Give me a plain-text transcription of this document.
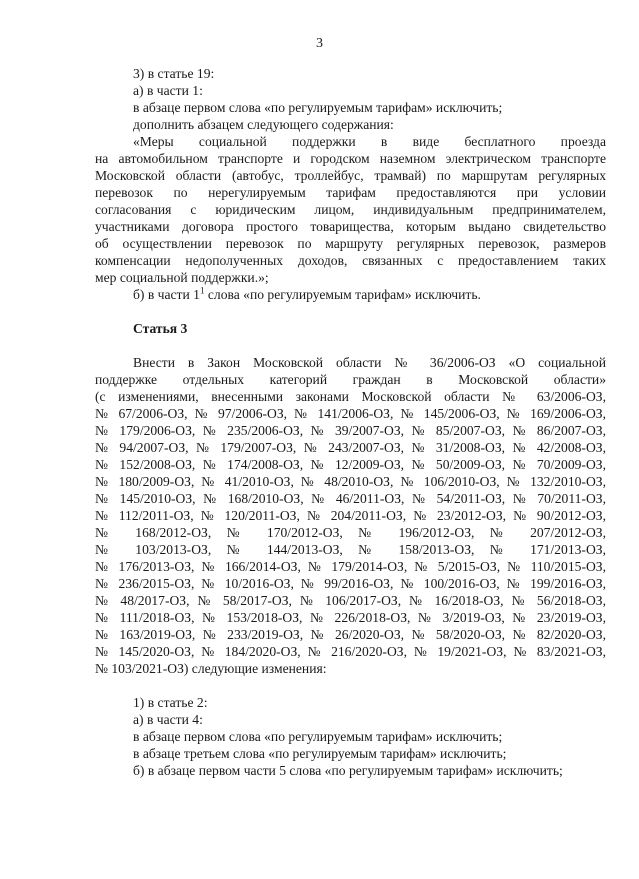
3

3) в статье 19:

а) в части 1:

в абзаце первом слова «по регулируемым тарифам» исключить;

дополнить абзацем следующего содержания:

«Меры социальной поддержки в виде бесплатного проезда

на автомобильном транспорте и городском наземном электрическом транспорте

Московской области (автобус, троллейбус, трамвай) по маршрутам регулярных

перевозок по нерегулируемым тарифам предоставляются при условии

согласования с юридическим лицом, индивидуальным предпринимателем,

участниками договора простого товарищества, которым выдано свидетельство

об осуществлении перевозок по маршруту регулярных перевозок, размеров

компенсации недополученных доходов, связанных с предоставлением таких

мер социальной поддержки.»;

б) в части $1^1$ слова «по регулируемым тарифам» исключить.

Статья 3

Внести в Закон Московской области № 36/2006-ОЗ «О социальной

поддержке отдельных категорий граждан в Московской области»

(с изменениями, внесенными законами Московской области № 63/2006-ОЗ,

№ 67/2006-ОЗ, № 97/2006-ОЗ, № 141/2006-ОЗ, № 145/2006-ОЗ, № 169/2006-ОЗ,

№ 179/2006-ОЗ, № 235/2006-ОЗ, № 39/2007-ОЗ, № 85/2007-ОЗ, № 86/2007-ОЗ,

№ 94/2007-ОЗ, № 179/2007-ОЗ, № 243/2007-ОЗ, № 31/2008-ОЗ, № 42/2008-ОЗ,

№ 152/2008-ОЗ, № 174/2008-ОЗ, № 12/2009-ОЗ, № 50/2009-ОЗ, № 70/2009-ОЗ,

№ 180/2009-ОЗ, № 41/2010-ОЗ, № 48/2010-ОЗ, № 106/2010-ОЗ, № 132/2010-ОЗ,

№ 145/2010-ОЗ, № 168/2010-ОЗ, № 46/2011-ОЗ, № 54/2011-ОЗ, № 70/2011-ОЗ,

№ 112/2011-ОЗ, № 120/2011-ОЗ, № 204/2011-ОЗ, № 23/2012-ОЗ, № 90/2012-ОЗ,

№ 168/2012-ОЗ, № 170/2012-ОЗ, № 196/2012-ОЗ, № 207/2012-ОЗ,

№ 103/2013-ОЗ, № 144/2013-ОЗ, № 158/2013-ОЗ, № 171/2013-ОЗ,

№ 176/2013-ОЗ, № 166/2014-ОЗ, № 179/2014-ОЗ, № 5/2015-ОЗ, № 110/2015-ОЗ,

№ 236/2015-ОЗ, № 10/2016-ОЗ, № 99/2016-ОЗ, № 100/2016-ОЗ, № 199/2016-ОЗ,

№ 48/2017-ОЗ, № 58/2017-ОЗ, № 106/2017-ОЗ, № 16/2018-ОЗ, № 56/2018-ОЗ,

№ 111/2018-ОЗ, № 153/2018-ОЗ, № 226/2018-ОЗ, № 3/2019-ОЗ, № 23/2019-ОЗ,

№ 163/2019-ОЗ, № 233/2019-ОЗ, № 26/2020-ОЗ, № 58/2020-ОЗ, № 82/2020-ОЗ,

№ 145/2020-ОЗ, № 184/2020-ОЗ, № 216/2020-ОЗ, № 19/2021-ОЗ, № 83/2021-ОЗ,

№ 103/2021-ОЗ) следующие изменения:

1) в статье 2:

а) в части 4:

в абзаце первом слова «по регулируемым тарифам» исключить;

в абзаце третьем слова «по регулируемым тарифам» исключить;

б) в абзаце первом части 5 слова «по регулируемым тарифам» исключить;
